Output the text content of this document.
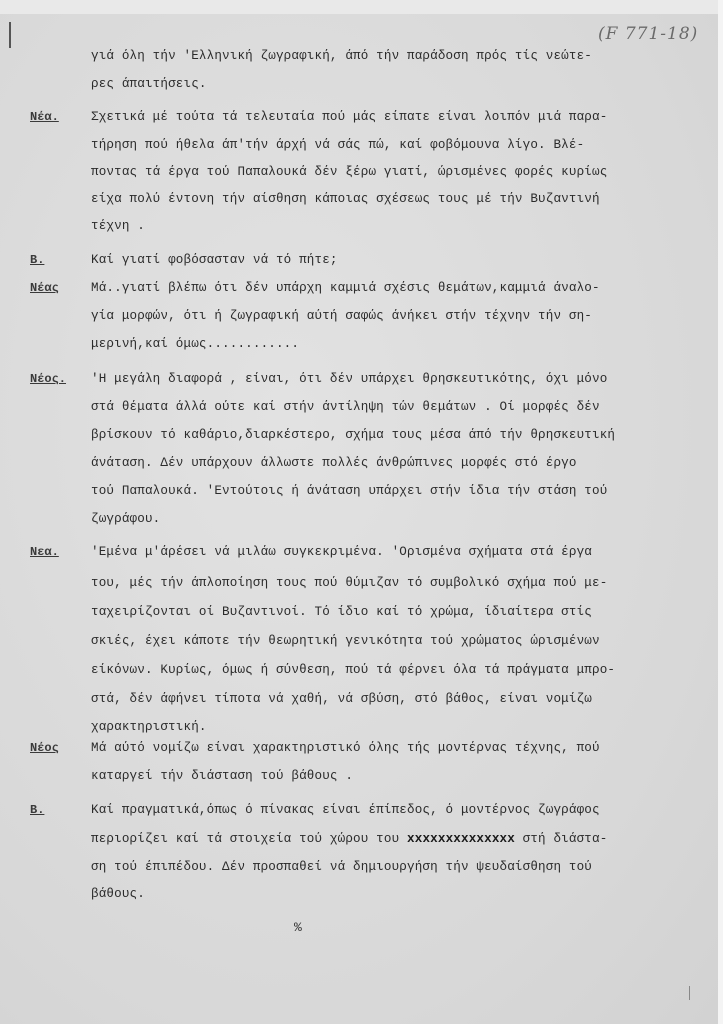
(F 771-18)
γιά όλη τήν 'Ελληνική ζωγραφική, άπό τήν παράδοση πρός τίς νεώτε-
ρες άπαιτήσεις.
Νέα.	Σχετικά μέ τούτα τά τελευταία πού μάς είπατε είναι λοιπόν μιά παρα-
τήρηση πού ήθελα άπ'τήν άρχή νά σάς πώ, καί φοβόμουνα λίγο. Βλέ-
ποντας τά έργα τού Παπαλουκά δέν ξέρω γιατί, ώρισμένες φορές κυρίως
είχα πολύ έντονη τήν αίσθηση κάποιας σχέσεως τους μέ τήν Βυζαντινή
τέχνη .
Β.	Καί γιατί φοβόσασταν νά τό πήτε;
Νέας	Μά..γιατί βλέπω ότι δέν υπάρχη καμμιά σχέσις θεμάτων,καμμιά άναλο-
γία μορφών, ότι ή ζωγραφική αύτή σαφώς άνήκει στήν τέχνην τήν ση-
μερινή,καί όμως............
Νέος. 'Η μεγάλη διαφορά , είναι, ότι δέν υπάρχει θρησκευτικότης, όχι μόνο
στά θέματα άλλά ούτε καί στήν άντίληψη τών θεμάτων . Οί μορφές δέν
βρίσκουν τό καθάριο,διαρκέστερο, σχήμα τους μέσα άπό τήν θρησκευτική
άνάταση. Δέν υπάρχουν άλλωστε πολλές άνθρώπινες μορφές στό έργο
τού Παπαλουκά. 'Εντούτοις ή άνάταση υπάρχει στήν ίδια τήν στάση τού
ζωγράφου.
Νεα.	'Εμένα μ'άρέσει νά μιλάω συγκεκριμένα. 'Ορισμένα σχήματα στά έργα
του, μές τήν άπλοποίηση τους πού θύμιζαν τό συμβολικό σχήμα πού με-
ταχειρίζονται οί Βυζαντινοί. Τό ίδιο καί τό χρώμα, ίδιαίτερα στίς
σκιές, έχει κάποτε τήν θεωρητική γενικότητα τού χρώματος ώρισμένων
είκόνων. Κυρίως, όμως ή σύνθεση, πού τά φέρνει όλα τά πράγματα μπρο-
στά, δέν άφήνει τίποτα νά χαθή, νά σβύση, στό βάθος, είναι νομίζω
χαρακτηριστική.
Νέος	Μά αύτό νομίζω είναι χαρακτηριστικό όλης τής μοντέρνας τέχνης, πού
καταργεί τήν διάσταση τού βάθους .
Β.	Καί πραγματικά,όπως ό πίνακας είναι έπίπεδος, ό μοντέρνος ζωγράφος
περιορίζει καί τά στοιχεία τού χώρου του xxxxxxxxxxxxxx στή διάστα-
ση τού έπιπέδου. Δέν προσπαθεί νά δημιουργήση τήν ψευδαίσθηση τού
βάθους.
%
